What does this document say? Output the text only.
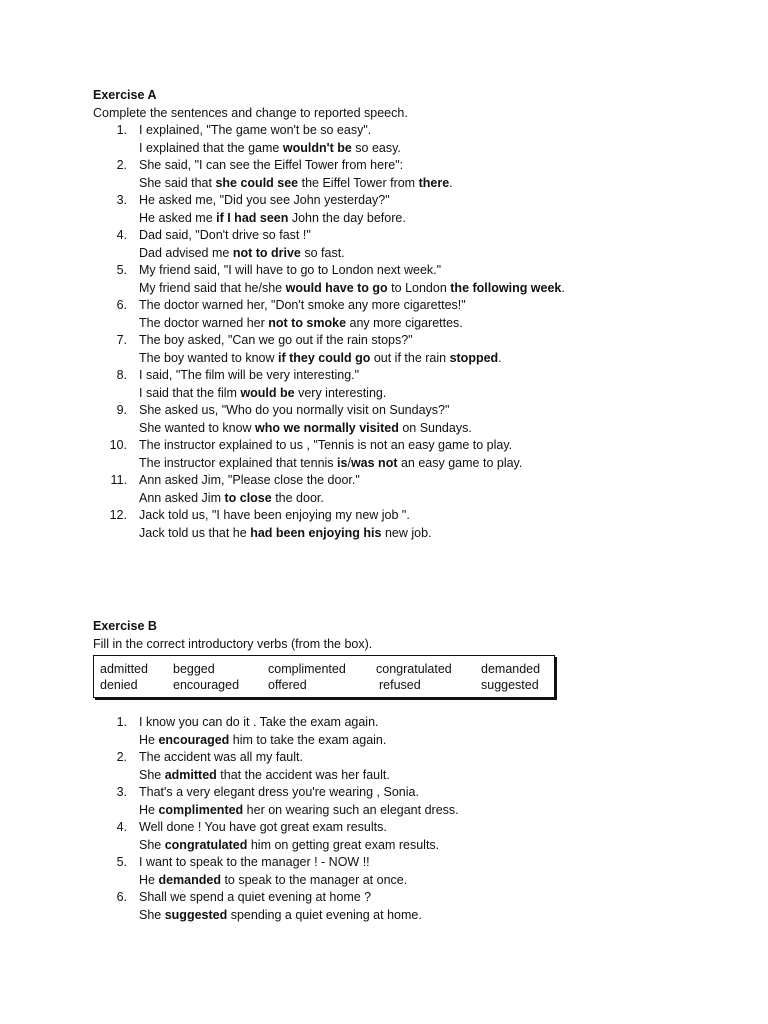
Exercise A
Complete the sentences and change to reported speech.
1. I explained, "The game won't be so easy".
I explained that the game wouldn't be so easy.
2. She said, "I can see the Eiffel Tower from here":
She said that she could see the Eiffel Tower from there.
3. He asked me, "Did you see John yesterday?"
He asked me if I had seen John the day before.
4. Dad said, "Don't drive so fast !"
Dad advised me not to drive so fast.
5. My friend said, "I will have to go to London next week."
My friend said that he/she would have to go to London the following week.
6. The doctor warned her, "Don't smoke any more cigarettes!"
The doctor warned her not to smoke any more cigarettes.
7. The boy asked, "Can we go out if the rain stops?"
The boy wanted to know if they could go out if the rain stopped.
8. I said, "The film will be very interesting."
I said that the film would be very interesting.
9. She asked us, "Who do you normally visit on Sundays?"
She wanted to know who we normally visited on Sundays.
10. The instructor explained to us , "Tennis is not an easy game to play.
The instructor explained that tennis is/was not an easy game to play.
11. Ann asked Jim, "Please close the door."
Ann asked Jim to close the door.
12. Jack told us, "I have been enjoying my new job ".
Jack told us that he had been enjoying his new job.
Exercise B
Fill in the correct introductory verbs (from the box).
admitted begged	complimented congratulated demanded
denied	encouraged offered	refused	suggested
1. I know you can do it . Take the exam again.
He encouraged him to take the exam again.
2. The accident was all my fault.
She admitted that the accident was her fault.
3. That's a very elegant dress you're wearing , Sonia.
He complimented her on wearing such an elegant dress.
4. Well done ! You have got great exam results.
She congratulated him on getting great exam results.
5. I want to speak to the manager ! - NOW !!
He demanded to speak to the manager at once.
6. Shall we spend a quiet evening at home ?
She suggested spending a quiet evening at home.
